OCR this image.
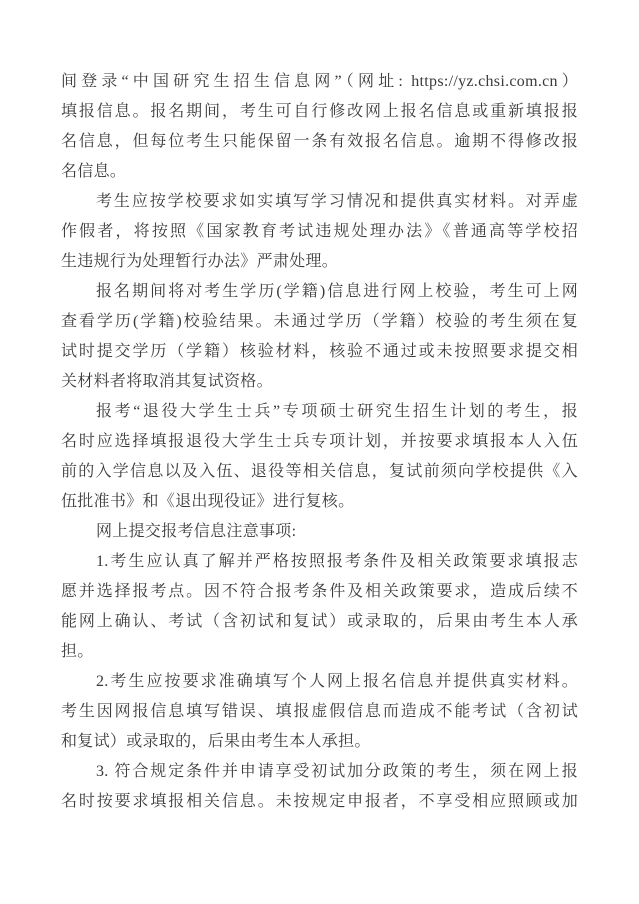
间登录“中国研究生招生信息网”（网址: https://yz.chsi.com.cn）
填报信息。报名期间，考生可自行修改网上报名信息或重新填报报
名信息，但每位考生只能保留一条有效报名信息。逾期不得修改报
名信息。
考生应按学校要求如实填写学习情况和提供真实材料。对弄虚
作假者，将按照《国家教育考试违规处理办法》《普通高等学校招
生违规行为处理暂行办法》严肃处理。
报名期间将对考生学历(学籍)信息进行网上校验，考生可上网
查看学历(学籍)校验结果。未通过学历（学籍）校验的考生须在复
试时提交学历（学籍）核验材料，核验不通过或未按照要求提交相
关材料者将取消其复试资格。
报考“退役大学生士兵”专项硕士研究生招生计划的考生，报
名时应选择填报退役大学生士兵专项计划，并按要求填报本人入伍
前的入学信息以及入伍、退役等相关信息，复试前须向学校提供《入
伍批准书》和《退出现役证》进行复核。
网上提交报考信息注意事项:
1.考生应认真了解并严格按照报考条件及相关政策要求填报志
愿并选择报考点。因不符合报考条件及相关政策要求，造成后续不
能网上确认、考试（含初试和复试）或录取的，后果由考生本人承
担。
2.考生应按要求准确填写个人网上报名信息并提供真实材料。
考生因网报信息填写错误、填报虚假信息而造成不能考试（含初试
和复试）或录取的，后果由考生本人承担。
3. 符合规定条件并申请享受初试加分政策的考生，须在网上报
名时按要求填报相关信息。未按规定申报者，不享受相应照顾或加
